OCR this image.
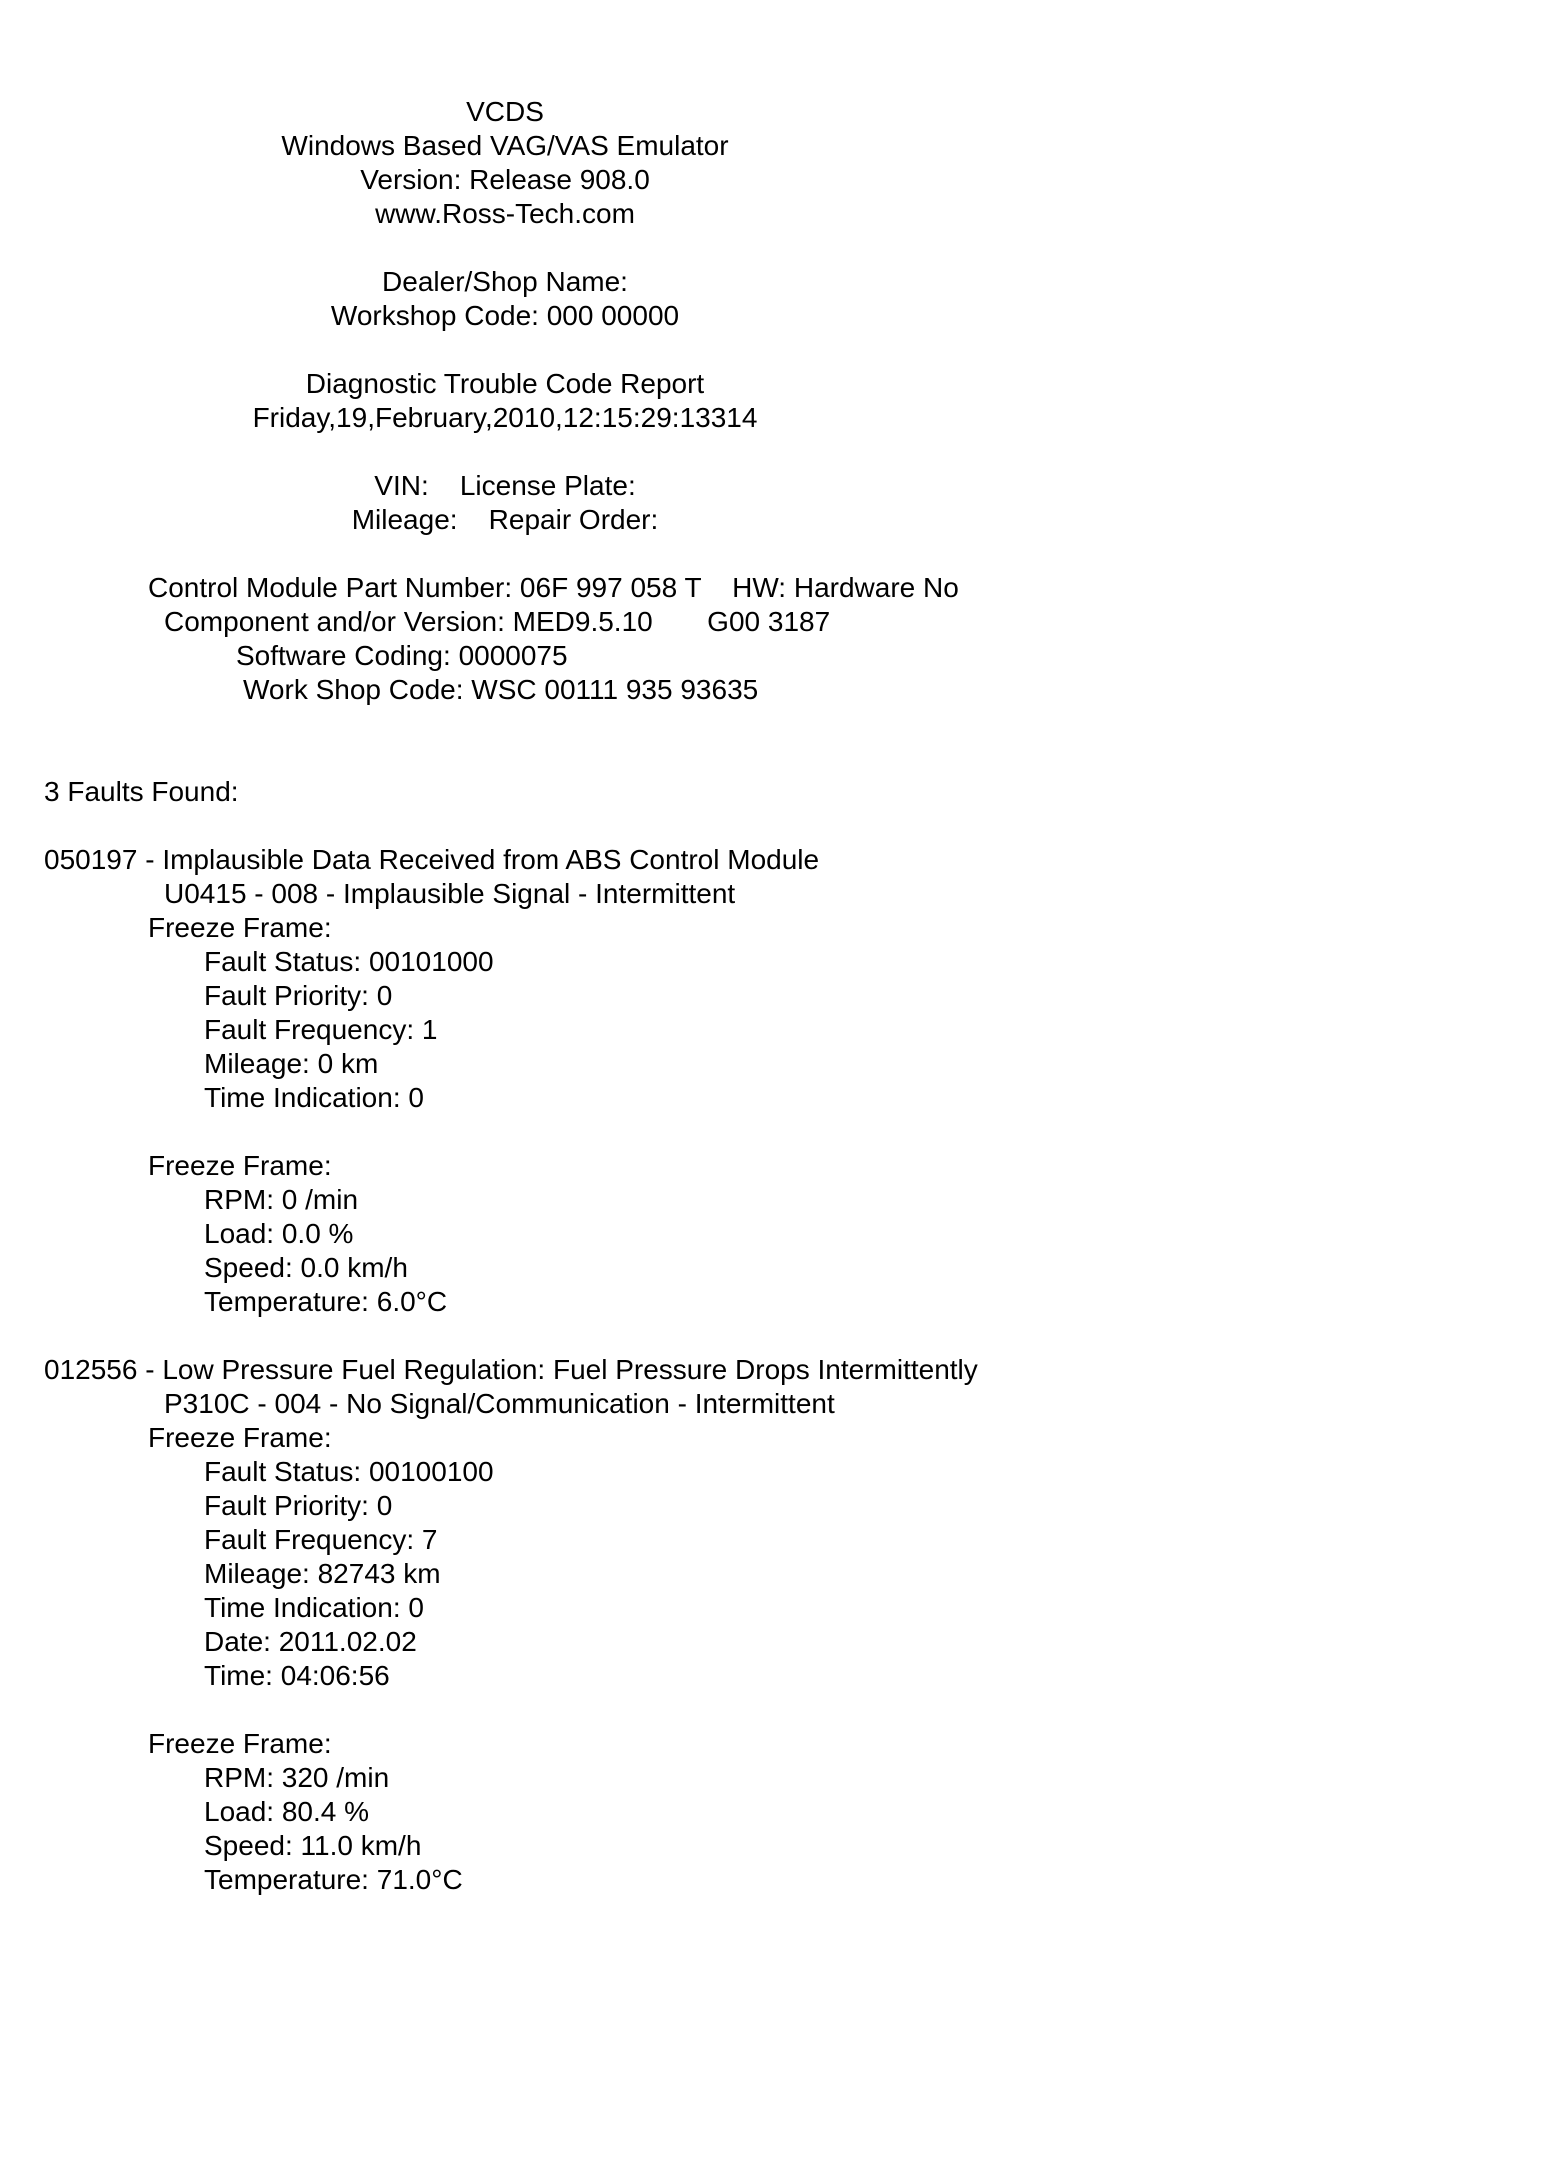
VCDS
Windows Based VAG/VAS Emulator
Version: Release 908.0
www.Ross-Tech.com
Dealer/Shop Name:
Workshop Code: 000 00000
Diagnostic Trouble Code Report
Friday,19,February,2010,12:15:29:13314
VIN:    License Plate:
Mileage:    Repair Order:
Control Module Part Number: 06F 997 058 T    HW: Hardware No
Component and/or Version: MED9.5.10       G00 3187
Software Coding: 0000075
Work Shop Code: WSC 00111 935 93635
3 Faults Found:
050197 - Implausible Data Received from ABS Control Module
U0415 - 008 - Implausible Signal - Intermittent
Freeze Frame:
Fault Status: 00101000
Fault Priority: 0
Fault Frequency: 1
Mileage: 0 km
Time Indication: 0
Freeze Frame:
RPM: 0 /min
Load: 0.0 %
Speed: 0.0 km/h
Temperature: 6.0°C
012556 - Low Pressure Fuel Regulation: Fuel Pressure Drops Intermittently
P310C - 004 - No Signal/Communication - Intermittent
Freeze Frame:
Fault Status: 00100100
Fault Priority: 0
Fault Frequency: 7
Mileage: 82743 km
Time Indication: 0
Date: 2011.02.02
Time: 04:06:56
Freeze Frame:
RPM: 320 /min
Load: 80.4 %
Speed: 11.0 km/h
Temperature: 71.0°C
